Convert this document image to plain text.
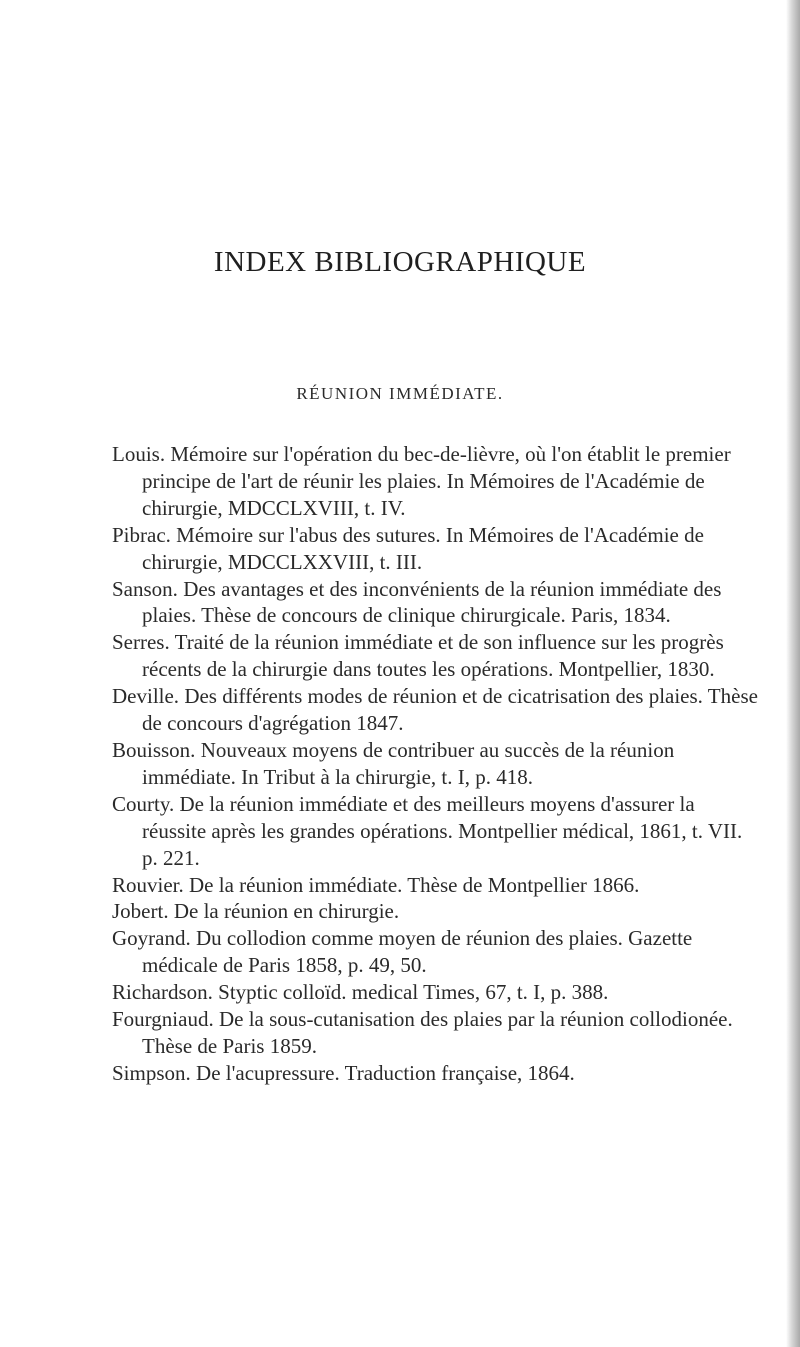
INDEX BIBLIOGRAPHIQUE
RÉUNION IMMÉDIATE.

Louis. Mémoire sur l'opération du bec-de-lièvre, où l'on établit le premier principe de l'art de réunir les plaies. In Mémoires de l'Académie de chirurgie, MDCCLXVIII, t. IV.

Pibrac. Mémoire sur l'abus des sutures. In Mémoires de l'Académie de chirurgie, MDCCLXXVIII, t. III.

Sanson. Des avantages et des inconvénients de la réunion immédiate des plaies. Thèse de concours de clinique chirurgicale. Paris, 1834.

Serres. Traité de la réunion immédiate et de son influence sur les progrès récents de la chirurgie dans toutes les opérations. Montpellier, 1830.

Deville. Des différents modes de réunion et de cicatrisation des plaies. Thèse de concours d'agrégation 1847.

Bouisson. Nouveaux moyens de contribuer au succès de la réunion immédiate. In Tribut à la chirurgie, t. I, p. 418.

Courty. De la réunion immédiate et des meilleurs moyens d'assurer la réussite après les grandes opérations. Montpellier médical, 1861, t. VII. p. 221.

Rouvier. De la réunion immédiate. Thèse de Montpellier 1866.

Jobert. De la réunion en chirurgie.

Goyrand. Du collodion comme moyen de réunion des plaies. Gazette médicale de Paris 1858, p. 49, 50.

Richardson. Styptic colloïd. medical Times, 67, t. I, p. 388.

Fourgniaud. De la sous-cutanisation des plaies par la réunion collodionée. Thèse de Paris 1859.

Simpson. De l'acupressure. Traduction française, 1864.
